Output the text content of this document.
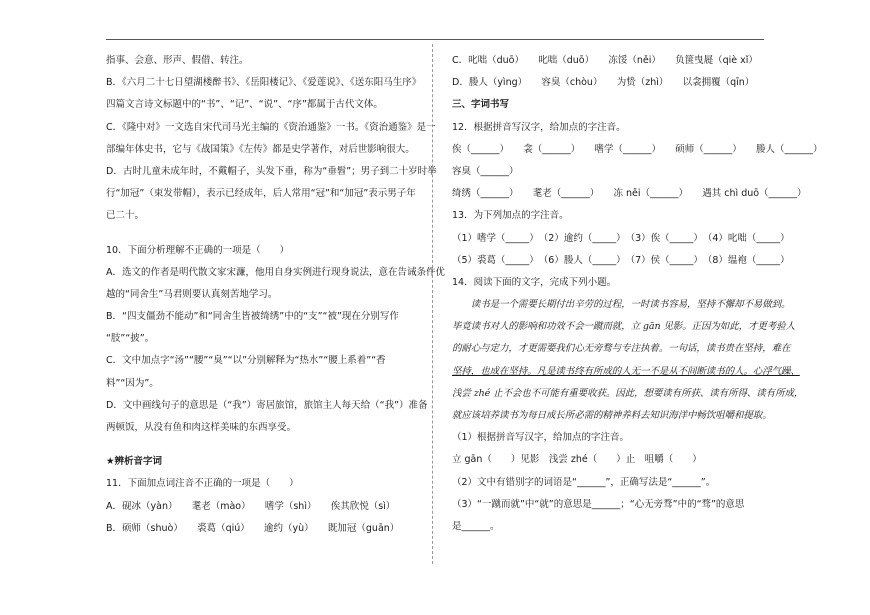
指事、会意、形声、假借、转注。
B．《六月二十七日望湖楼醉书》、《岳阳楼记》、《爱莲说》、《送东阳马生序》
四篇文言诗文标题中的“书”、“记”、“说”、“序”都属于古代文体。
C．《隆中对》一文选自宋代司马光主编的《资治通鉴》一书。《资治通鉴》是一
部编年体史书，它与《战国策》《左传》都是史学著作，对后世影响很大。
D．古时儿童未成年时，不戴帽子，头发下垂，称为“垂髫”；男子到二十岁时举
行“加冠”（束发带帽），表示已经成年，后人常用“冠”和“加冠”表示男子年
已二十。
10．下面分析理解不正确的一项是（　　）
A．选文的作者是明代散文家宋濂，他用自身实例进行现身说法，意在告诫条件优
越的“同舍生”马君则要认真刻苦地学习。
B．“四支僵劲不能动”和“同舍生皆被绮绣”中的“支”“被”现在分别写作
“肢”“披”。
C．文中加点字“汤”“腰”“臭”“以”分别解释为“热水”“腰上系着”“香
料”“因为”。
D．文中画线句子的意思是（“我”）寄居旅馆，旅馆主人每天给（“我”）准备
两顿饭，从没有鱼和肉这样美味的东西享受。
★辨析音字词
11．下面加点词注音不正确的一项是（　　）
A．砚冰（yàn）　　耄老（mào）　　嗜学（shì）　　俟其欣悦（sì）
B．硕师（shuò）　　裘葛（qiú）　　逾约（yù）　　既加冠（guān）
C．叱咄（duō）　　叱咄（duō）　　冻馁（něi）　　负箧曳屣（qiè xǐ）
D．媵人（yìng）　　容臭（chòu）　　为贽（zhì）　　以衾拥覆（qīn）
三、字词书写
12．根据拼音写汉字，给加点的字注音。
俟（______）　　衾（______）　　嗜学（______）　　硕师（______）　　媵人（______）
容臭（______）
绮绣（______）　　耄老（______）　　冻 něi（______）　　遇其 chì duō（______）
13．为下列加点的字注音。
（1）嗜学（_____）　（2）逾约（_____）　（3）俟（_____）　（4）叱咄（_____）
（5）裘葛（_____）　（6）媵人（_____）　（7）侯（_____）　（8）缊袍（_____）
14．阅读下面的文字，完成下列小题。
　　读书是一个需要长期付出辛劳的过程，一时读书容易，坚持不懈却不易做到。
毕竟读书对人的影响和功效不会一蹴而就，立 gān 见影。正因为如此，才更考验人
的耐心与定力，才更需要我们心无旁骛与专注执着。一句话，读书贵在坚持，难在
坚持，也成在坚持。凡是读书终有所成的人无一不是从不间断读书的人。心浮气躁、
浅尝 zhé 止不会也不可能有重要收获。因此，想要读有所获、读有所得、读有所成，
就应该培养读书为每日成长所必需的精神养料去知识海洋中畅饮咀嚼和提取。
（1）根据拼音写汉字，给加点的字注音。
立 gān（　　）见影　浅尝 zhé（　　）止　咀嚼（　　）
（2）文中有错别字的词语是“______”，正确写法是“______”。
（3）“一蹴而就”中“就”的意思是______；“心无旁骛”中的“骛”的意思
是______。
